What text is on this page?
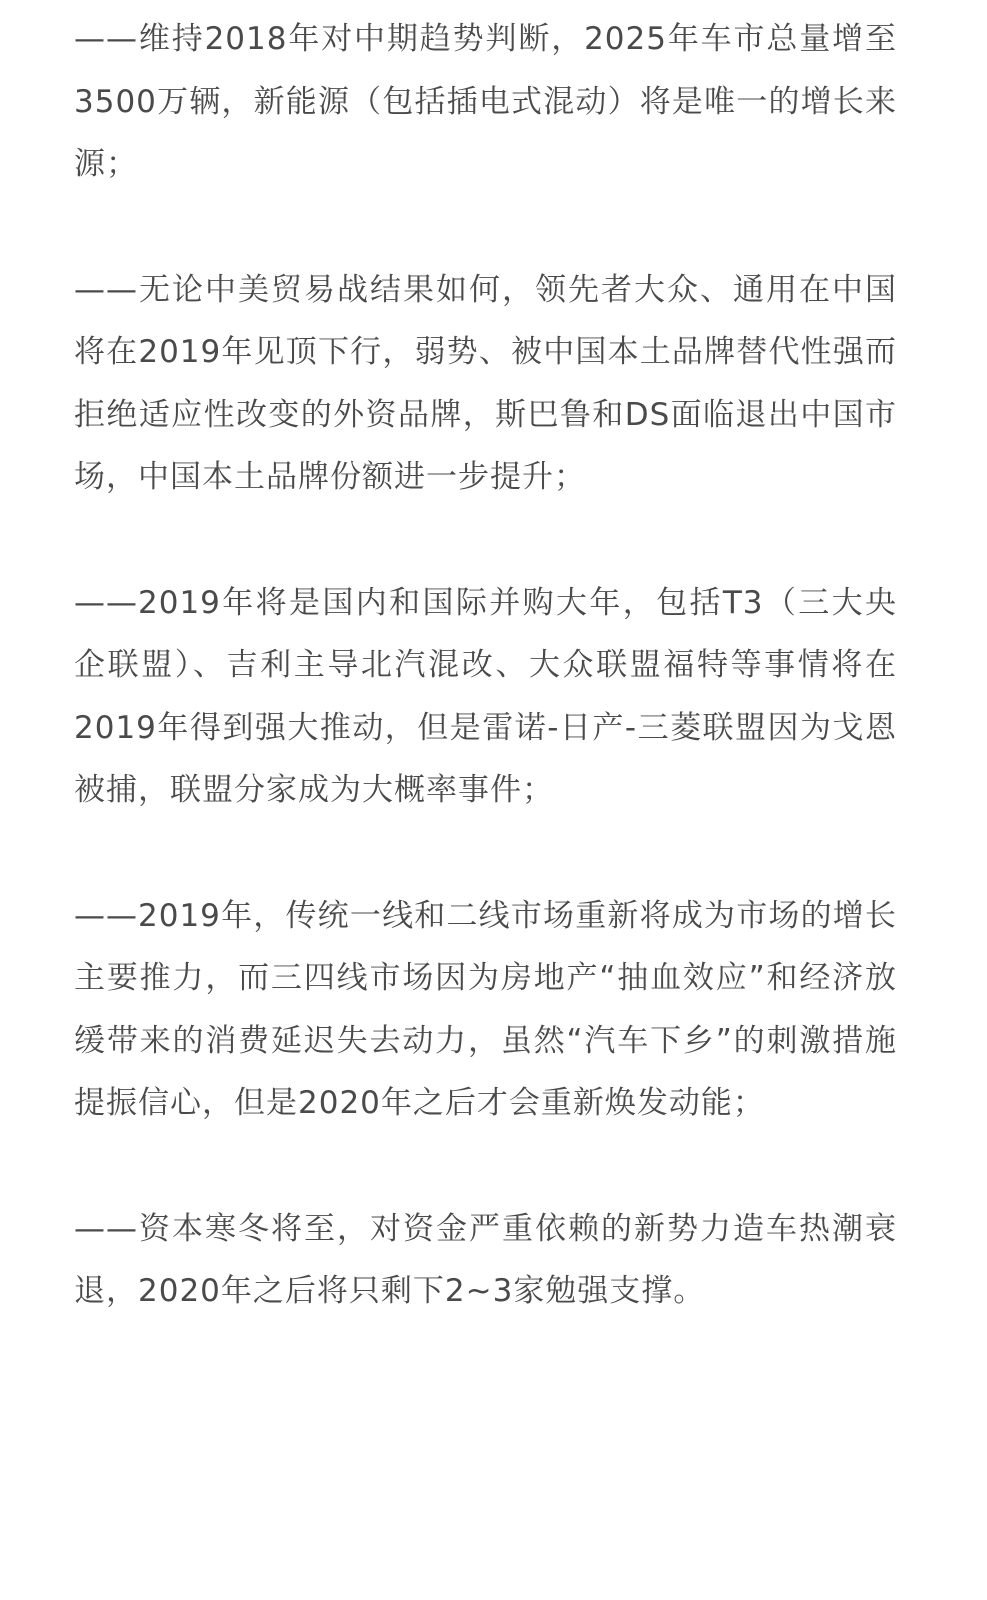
——维持2018年对中期趋势判断，2025年车市总量增至3500万辆，新能源（包括插电式混动）将是唯一的增长来源；

——无论中美贸易战结果如何，领先者大众、通用在中国将在2019年见顶下行，弱势、被中国本土品牌替代性强而拒绝适应性改变的外资品牌，斯巴鲁和DS面临退出中国市场，中国本土品牌份额进一步提升；

——2019年将是国内和国际并购大年，包括T3（三大央企联盟）、吉利主导北汽混改、大众联盟福特等事情将在2019年得到强大推动，但是雷诺-日产-三菱联盟因为戈恩被捕，联盟分家成为大概率事件；

——2019年，传统一线和二线市场重新将成为市场的增长主要推力，而三四线市场因为房地产“抽血效应”和经济放缓带来的消费延迟失去动力，虽然“汽车下乡”的刺激措施提振信心，但是2020年之后才会重新焕发动能；

——资本寒冬将至，对资金严重依赖的新势力造车热潮衰退，2020年之后将只剩下2~3家勉强支撑。
